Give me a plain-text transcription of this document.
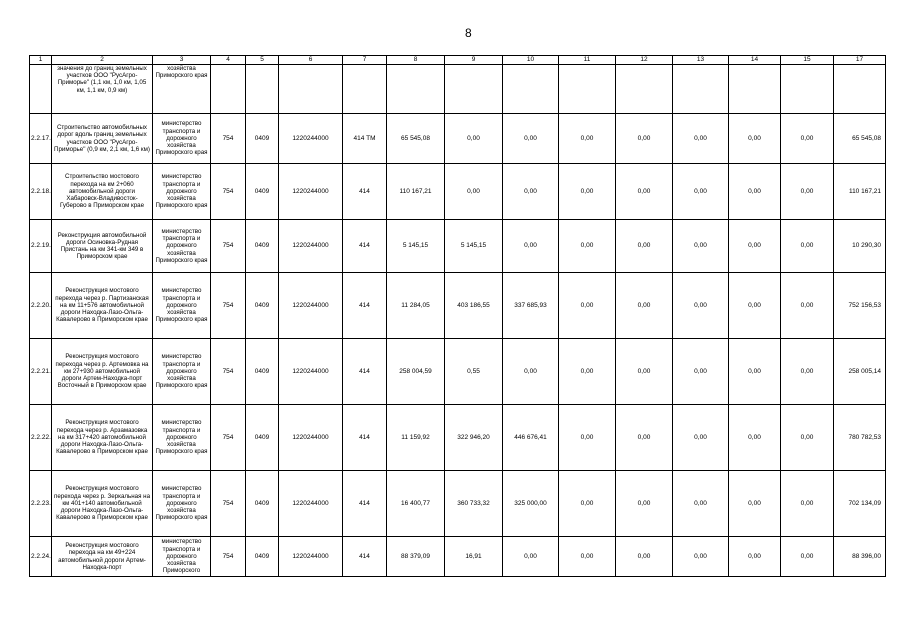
8
1	2	3	4	5	6	7	8	9	10	11	12	13	14	15	17
	значения до границ земельных участков ООО "РусАгро-Приморье" (1,1 км, 1,0 км, 1,05 км, 1,1 км, 0,9 км)	хозяйства Приморского края													
2.2.17.	Строительство автомобильных дорог вдоль границ земельных участков ООО "РусАгро-Приморье" (0,9 км, 2,1 км, 1,6 км)	министерство транспорта и дорожного хозяйства Приморского края	754	0409	1220244000	414 ТМ	65 545,08	0,00	0,00	0,00	0,00	0,00	0,00	0,00	65 545,08
2.2.18.	Строительство мостового перехода на км 2+060 автомобильной дороги Хабаровск-Владивосток-Губерово в Приморском крае	министерство транспорта и дорожного хозяйства Приморского края	754	0409	1220244000	414	110 167,21	0,00	0,00	0,00	0,00	0,00	0,00	0,00	110 167,21
2.2.19.	Реконструкция автомобильной дороги Осиновка-Рудная Пристань на км 341-км 349 в Приморском крае	министерство транспорта и дорожного хозяйства Приморского края	754	0409	1220244000	414	5 145,15	5 145,15	0,00	0,00	0,00	0,00	0,00	0,00	10 290,30
2.2.20.	Реконструкция мостового перехода через р. Партизанская на км 11+576 автомобильной дороги Находка-Лазо-Ольга-Кавалерово в Приморском крае	министерство транспорта и дорожного хозяйства Приморского края	754	0409	1220244000	414	11 284,05	403 186,55	337 685,93	0,00	0,00	0,00	0,00	0,00	752 156,53
2.2.21.	Реконструкция мостового перехода через р. Артемовка на км 27+930 автомобильной дороги Артем-Находка-порт Восточный в Приморском крае	министерство транспорта и дорожного хозяйства Приморского края	754	0409	1220244000	414	258 004,59	0,55	0,00	0,00	0,00	0,00	0,00	0,00	258 005,14
2.2.22.	Реконструкция мостового перехода через р. Арзамазовка на км 317+420 автомобильной дороги Находка-Лазо-Ольга-Кавалерово в Приморском крае	министерство транспорта и дорожного хозяйства Приморского края	754	0409	1220244000	414	11 159,92	322 946,20	446 676,41	0,00	0,00	0,00	0,00	0,00	780 782,53
2.2.23.	Реконструкция мостового перехода через р. Зеркальная на км 401+140 автомобильной дороги Находка-Лазо-Ольга-Кавалерово в Приморском крае	министерство транспорта и дорожного хозяйства Приморского края	754	0409	1220244000	414	16 400,77	360 733,32	325 000,00	0,00	0,00	0,00	0,00	0,00	702 134,09
2.2.24.	Реконструкция мостового перехода на км 49+224 автомобильной дороги Артем-Находка-порт	министерство транспорта и дорожного хозяйства Приморского	754	0409	1220244000	414	88 379,09	16,91	0,00	0,00	0,00	0,00	0,00	0,00	88 396,00
